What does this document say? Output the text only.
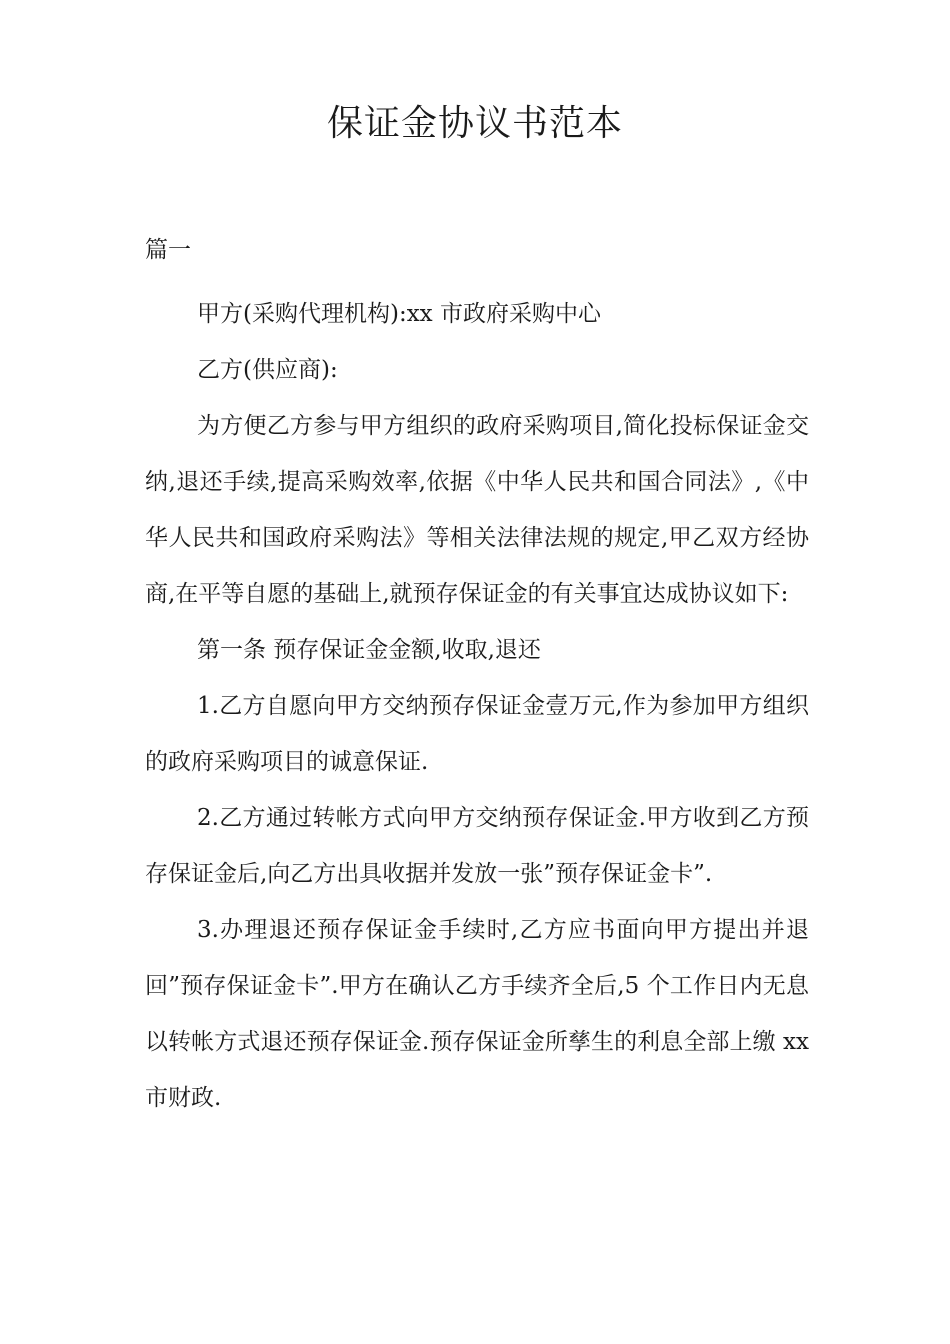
保证金协议书范本

篇一

甲方(采购代理机构):xx 市政府采购中心

乙方(供应商):

为方便乙方参与甲方组织的政府采购项目,简化投标保证金交纳,退还手续,提高采购效率,依据《中华人民共和国合同法》,《中华人民共和国政府采购法》等相关法律法规的规定,甲乙双方经协商,在平等自愿的基础上,就预存保证金的有关事宜达成协议如下:

第一条 预存保证金金额,收取,退还

1.乙方自愿向甲方交纳预存保证金壹万元,作为参加甲方组织的政府采购项目的诚意保证.

2.乙方通过转帐方式向甲方交纳预存保证金.甲方收到乙方预存保证金后,向乙方出具收据并发放一张”预存保证金卡”.

3.办理退还预存保证金手续时,乙方应书面向甲方提出并退回”预存保证金卡”.甲方在确认乙方手续齐全后,5 个工作日内无息以转帐方式退还预存保证金.预存保证金所孳生的利息全部上缴 xx 市财政.
